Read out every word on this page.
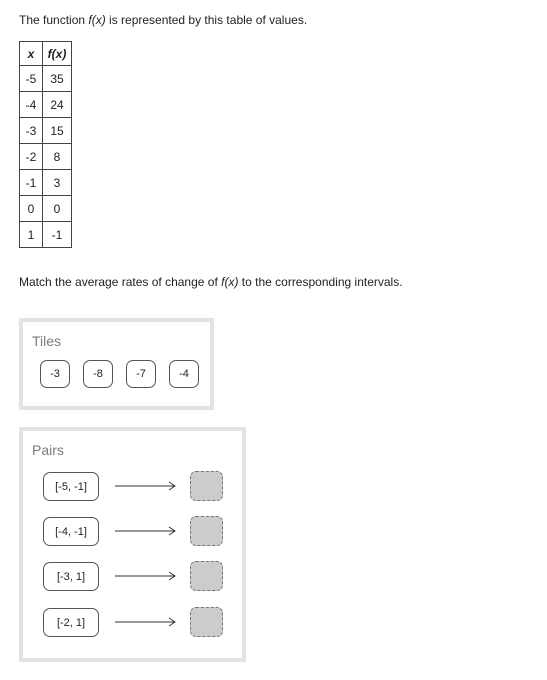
The function f(x) is represented by this table of values.
x	f(x)
-5	35
-4	24
-3	15
-2	8
-1	3
0	0
1	-1
Match the average rates of change of f(x) to the corresponding intervals.
Tiles
-3	-8	-7	-4
Pairs
[-5, -1]
[-4, -1]
[-3, 1]
[-2, 1]
